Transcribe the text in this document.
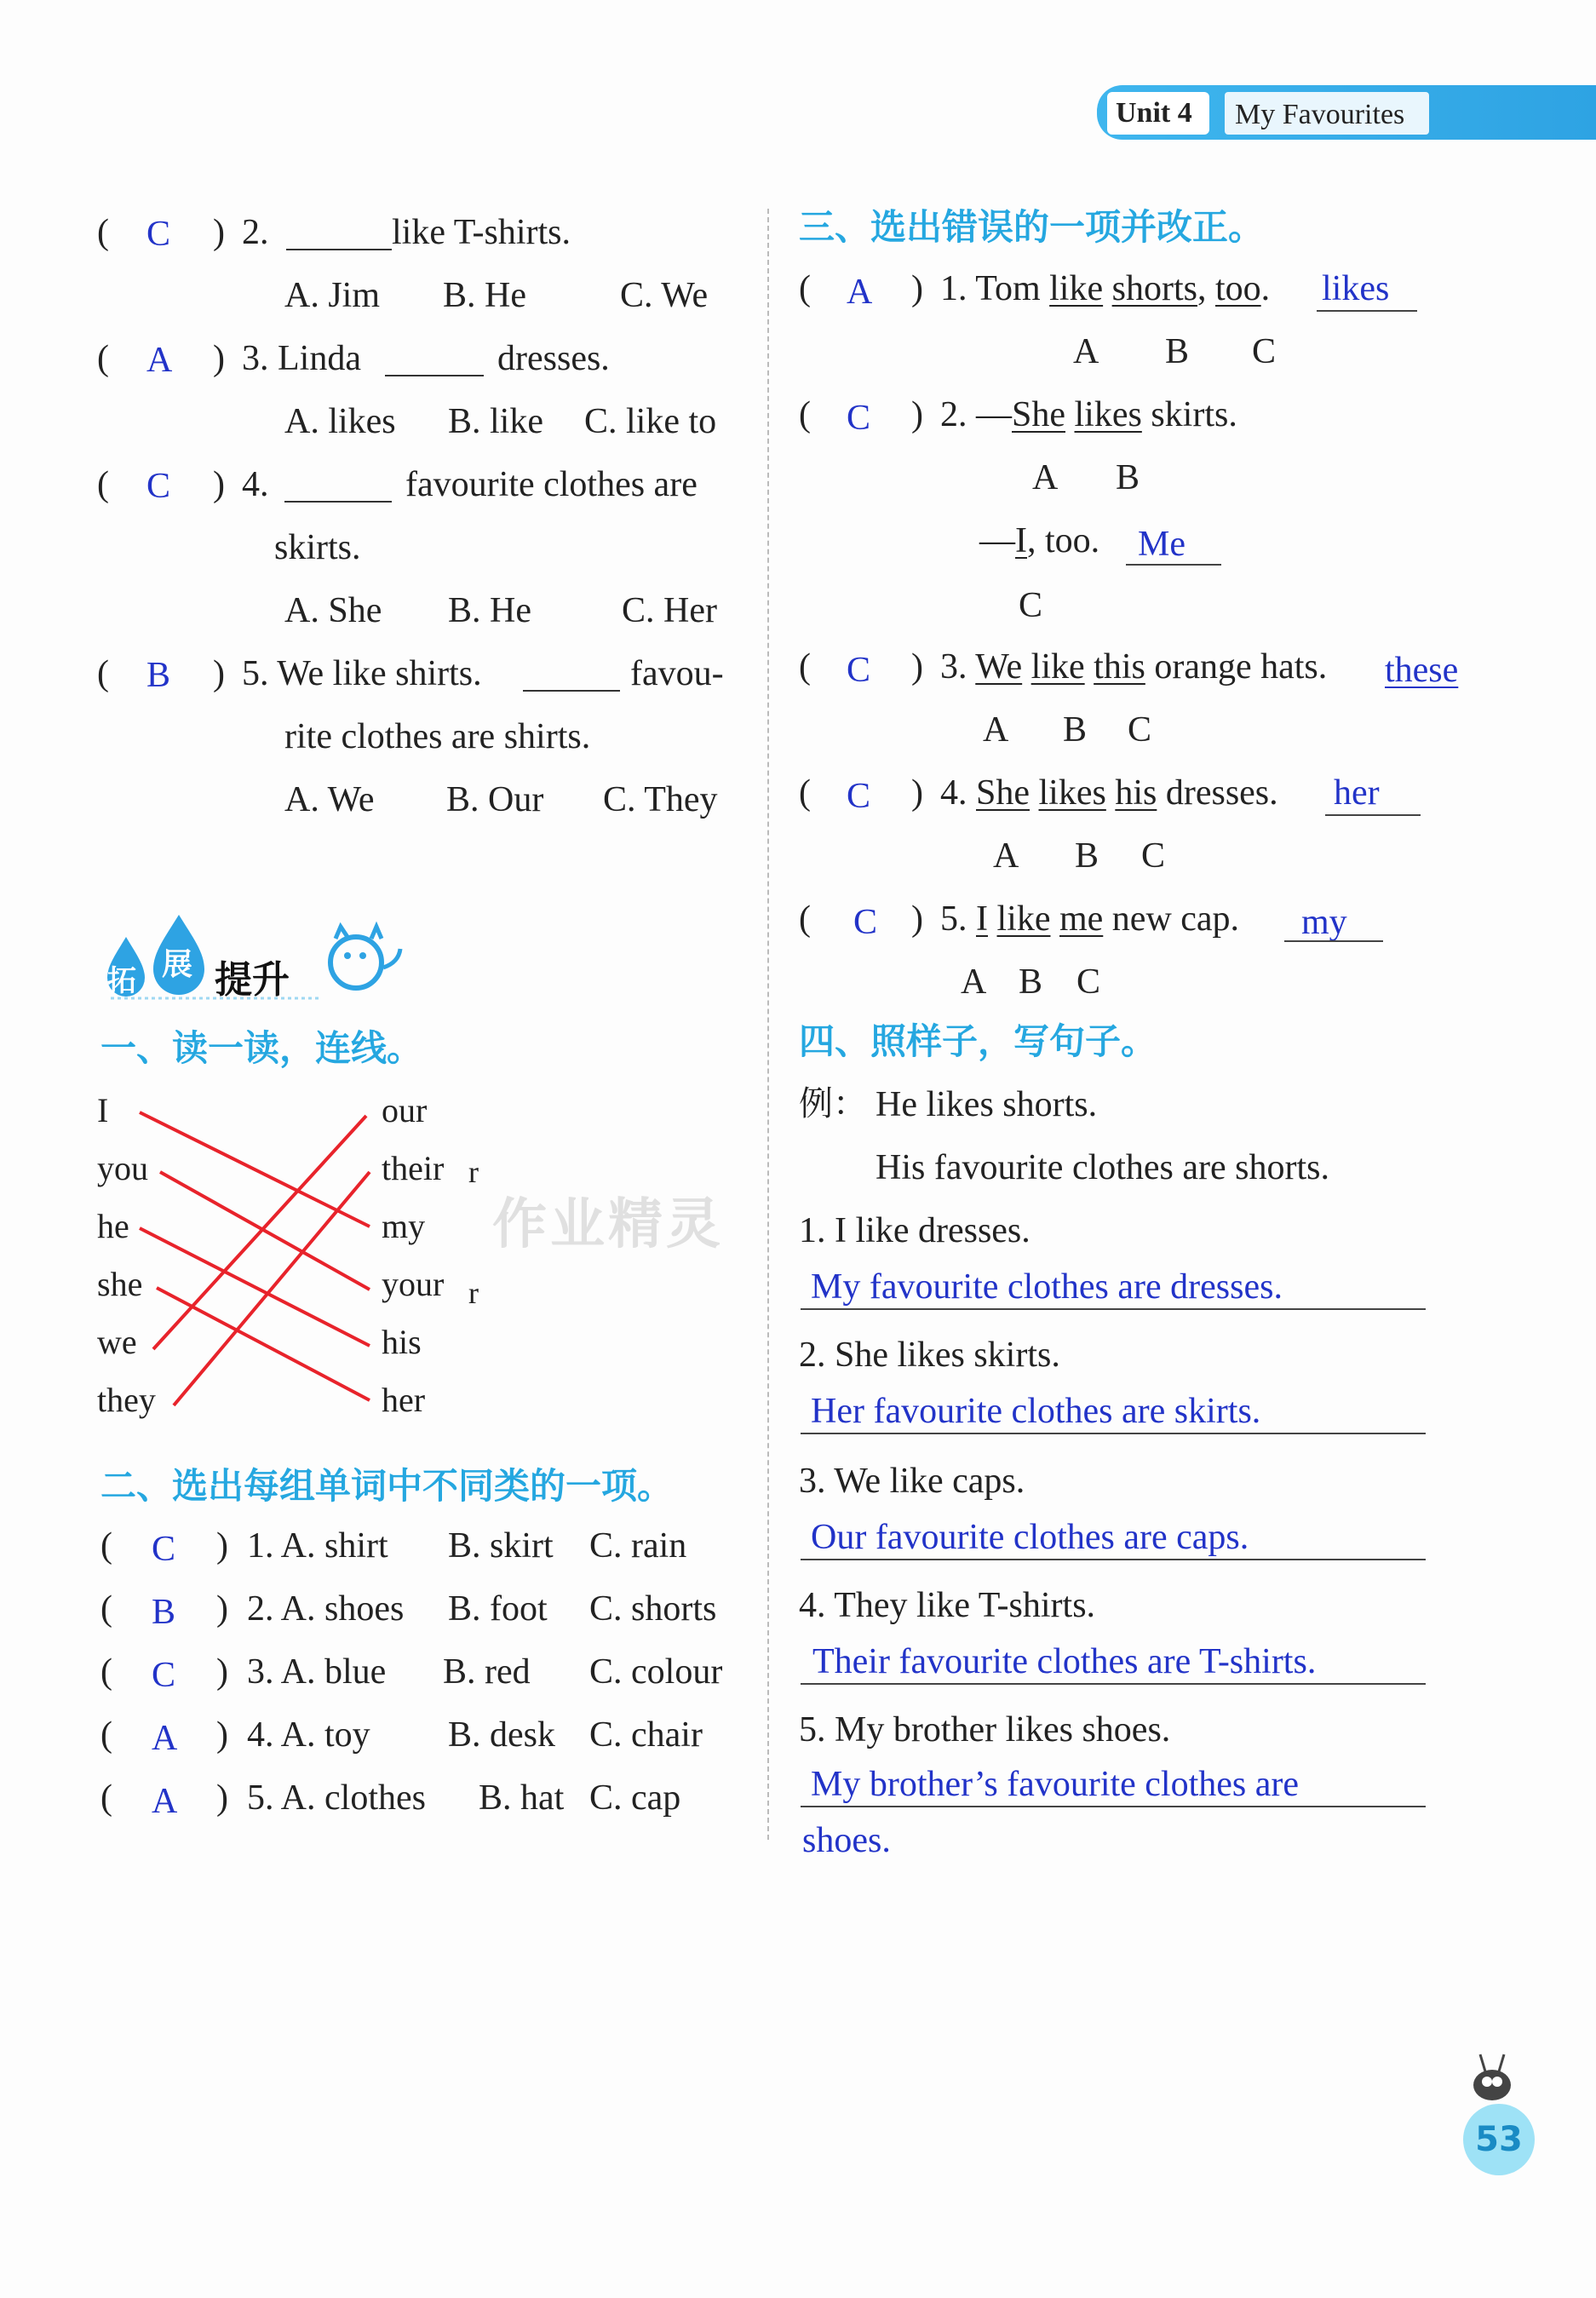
Unit 4 My Favourites
( C ) 2.	like T-shirts.
A. Jim B. He	C. We
( A ) 3. Linda	dresses.
A. likes B. like C. like to
( C ) 4.	favourite clothes are
skirts.
A. She B. He	C. Her
( B ) 5. We like shirts.	favou-
rite clothes are shirts.
A. We B. Our C. They
拓 展 提升
一、读一读，连线。
I
you
he
she
we
they
our
their
my
your
his
her
r
r
作业精灵
二、选出每组单词中不同类的一项。
( C ) 1. A. shirt B. skirt C. rain
( B ) 2. A. shoes B. foot C. shorts
( C ) 3. A. blue B. red C. colour
( A ) 4. A. toy B. desk C. chair
( A ) 5. A. clothes B. hat C. cap
三、选出错误的一项并改正。
( A ) 1. Tom like shorts, too. likes
A B C
( C ) 2. —She likes skirts.
A B
—I, too. Me
C
( C ) 3. We like this orange hats. these
A B C
( C ) 4. She likes his dresses. her
A B C
( C ) 5. I like me new cap. my
A B C
四、照样子，写句子。
例： He likes shorts.
His favourite clothes are shorts.
1. I like dresses.
My favourite clothes are dresses.
2. She likes skirts.
Her favourite clothes are skirts.
3. We like caps.
Our favourite clothes are caps.
4. They like T-shirts.
Their favourite clothes are T-shirts.
5. My brother likes shoes.
My brother’s favourite clothes are
shoes.
53
